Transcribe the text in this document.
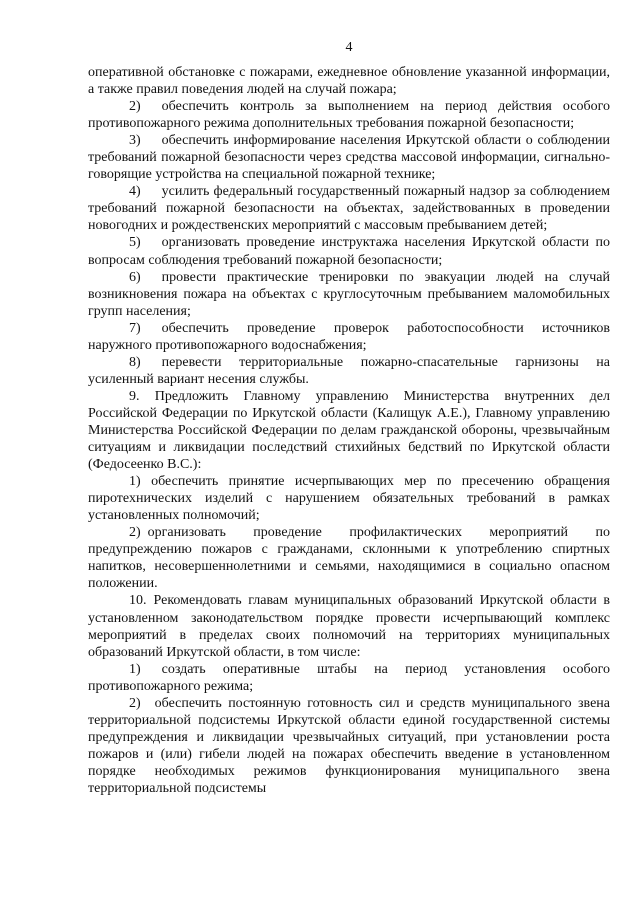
4

оперативной обстановке с пожарами, ежедневное обновление указанной информации, а также правил поведения людей на случай пожара;

2)  обеспечить контроль за выполнением на период действия особого противопожарного режима дополнительных требования пожарной безопасности;

3)  обеспечить информирование населения Иркутской области о соблюдении требований пожарной безопасности через средства массовой информации, сигнально-говорящие устройства на специальной пожарной технике;

4)  усилить федеральный государственный пожарный надзор за соблюдением требований пожарной безопасности на объектах, задействованных в проведении новогодних и рождественских мероприятий с массовым пребыванием детей;

5)  организовать проведение инструктажа населения Иркутской области по вопросам соблюдения требований пожарной безопасности;

6)  провести практические тренировки по эвакуации людей на случай возникновения пожара на объектах с круглосуточным пребыванием маломобильных групп населения;

7)  обеспечить проведение проверок работоспособности источников наружного противопожарного водоснабжения;

8)  перевести территориальные пожарно-спасательные гарнизоны на усиленный вариант несения службы.

9. Предложить Главному управлению Министерства внутренних дел Российской Федерации по Иркутской области (Калищук А.Е.), Главному управлению Министерства Российской Федерации по делам гражданской обороны, чрезвычайным ситуациям и ликвидации последствий стихийных бедствий по Иркутской области (Федосеенко В.С.):

1) обеспечить принятие исчерпывающих мер по пресечению обращения пиротехнических изделий с нарушением обязательных требований в рамках установленных полномочий;

2) организовать проведение профилактических мероприятий по предупреждению пожаров с гражданами, склонными к употреблению спиртных напитков, несовершеннолетними и семьями, находящимися в социально опасном положении.

10. Рекомендовать главам муниципальных образований Иркутской области в установленном законодательством порядке провести исчерпывающий комплекс мероприятий в пределах своих полномочий на территориях муниципальных образований Иркутской области, в том числе:

1)  создать оперативные штабы на период установления особого противопожарного режима;

2) обеспечить постоянную готовность сил и средств муниципального звена территориальной подсистемы Иркутской области единой государственной системы предупреждения и ликвидации чрезвычайных ситуаций, при установлении роста пожаров и (или) гибели людей на пожарах обеспечить введение в установленном порядке необходимых режимов функционирования муниципального звена территориальной подсистемы
